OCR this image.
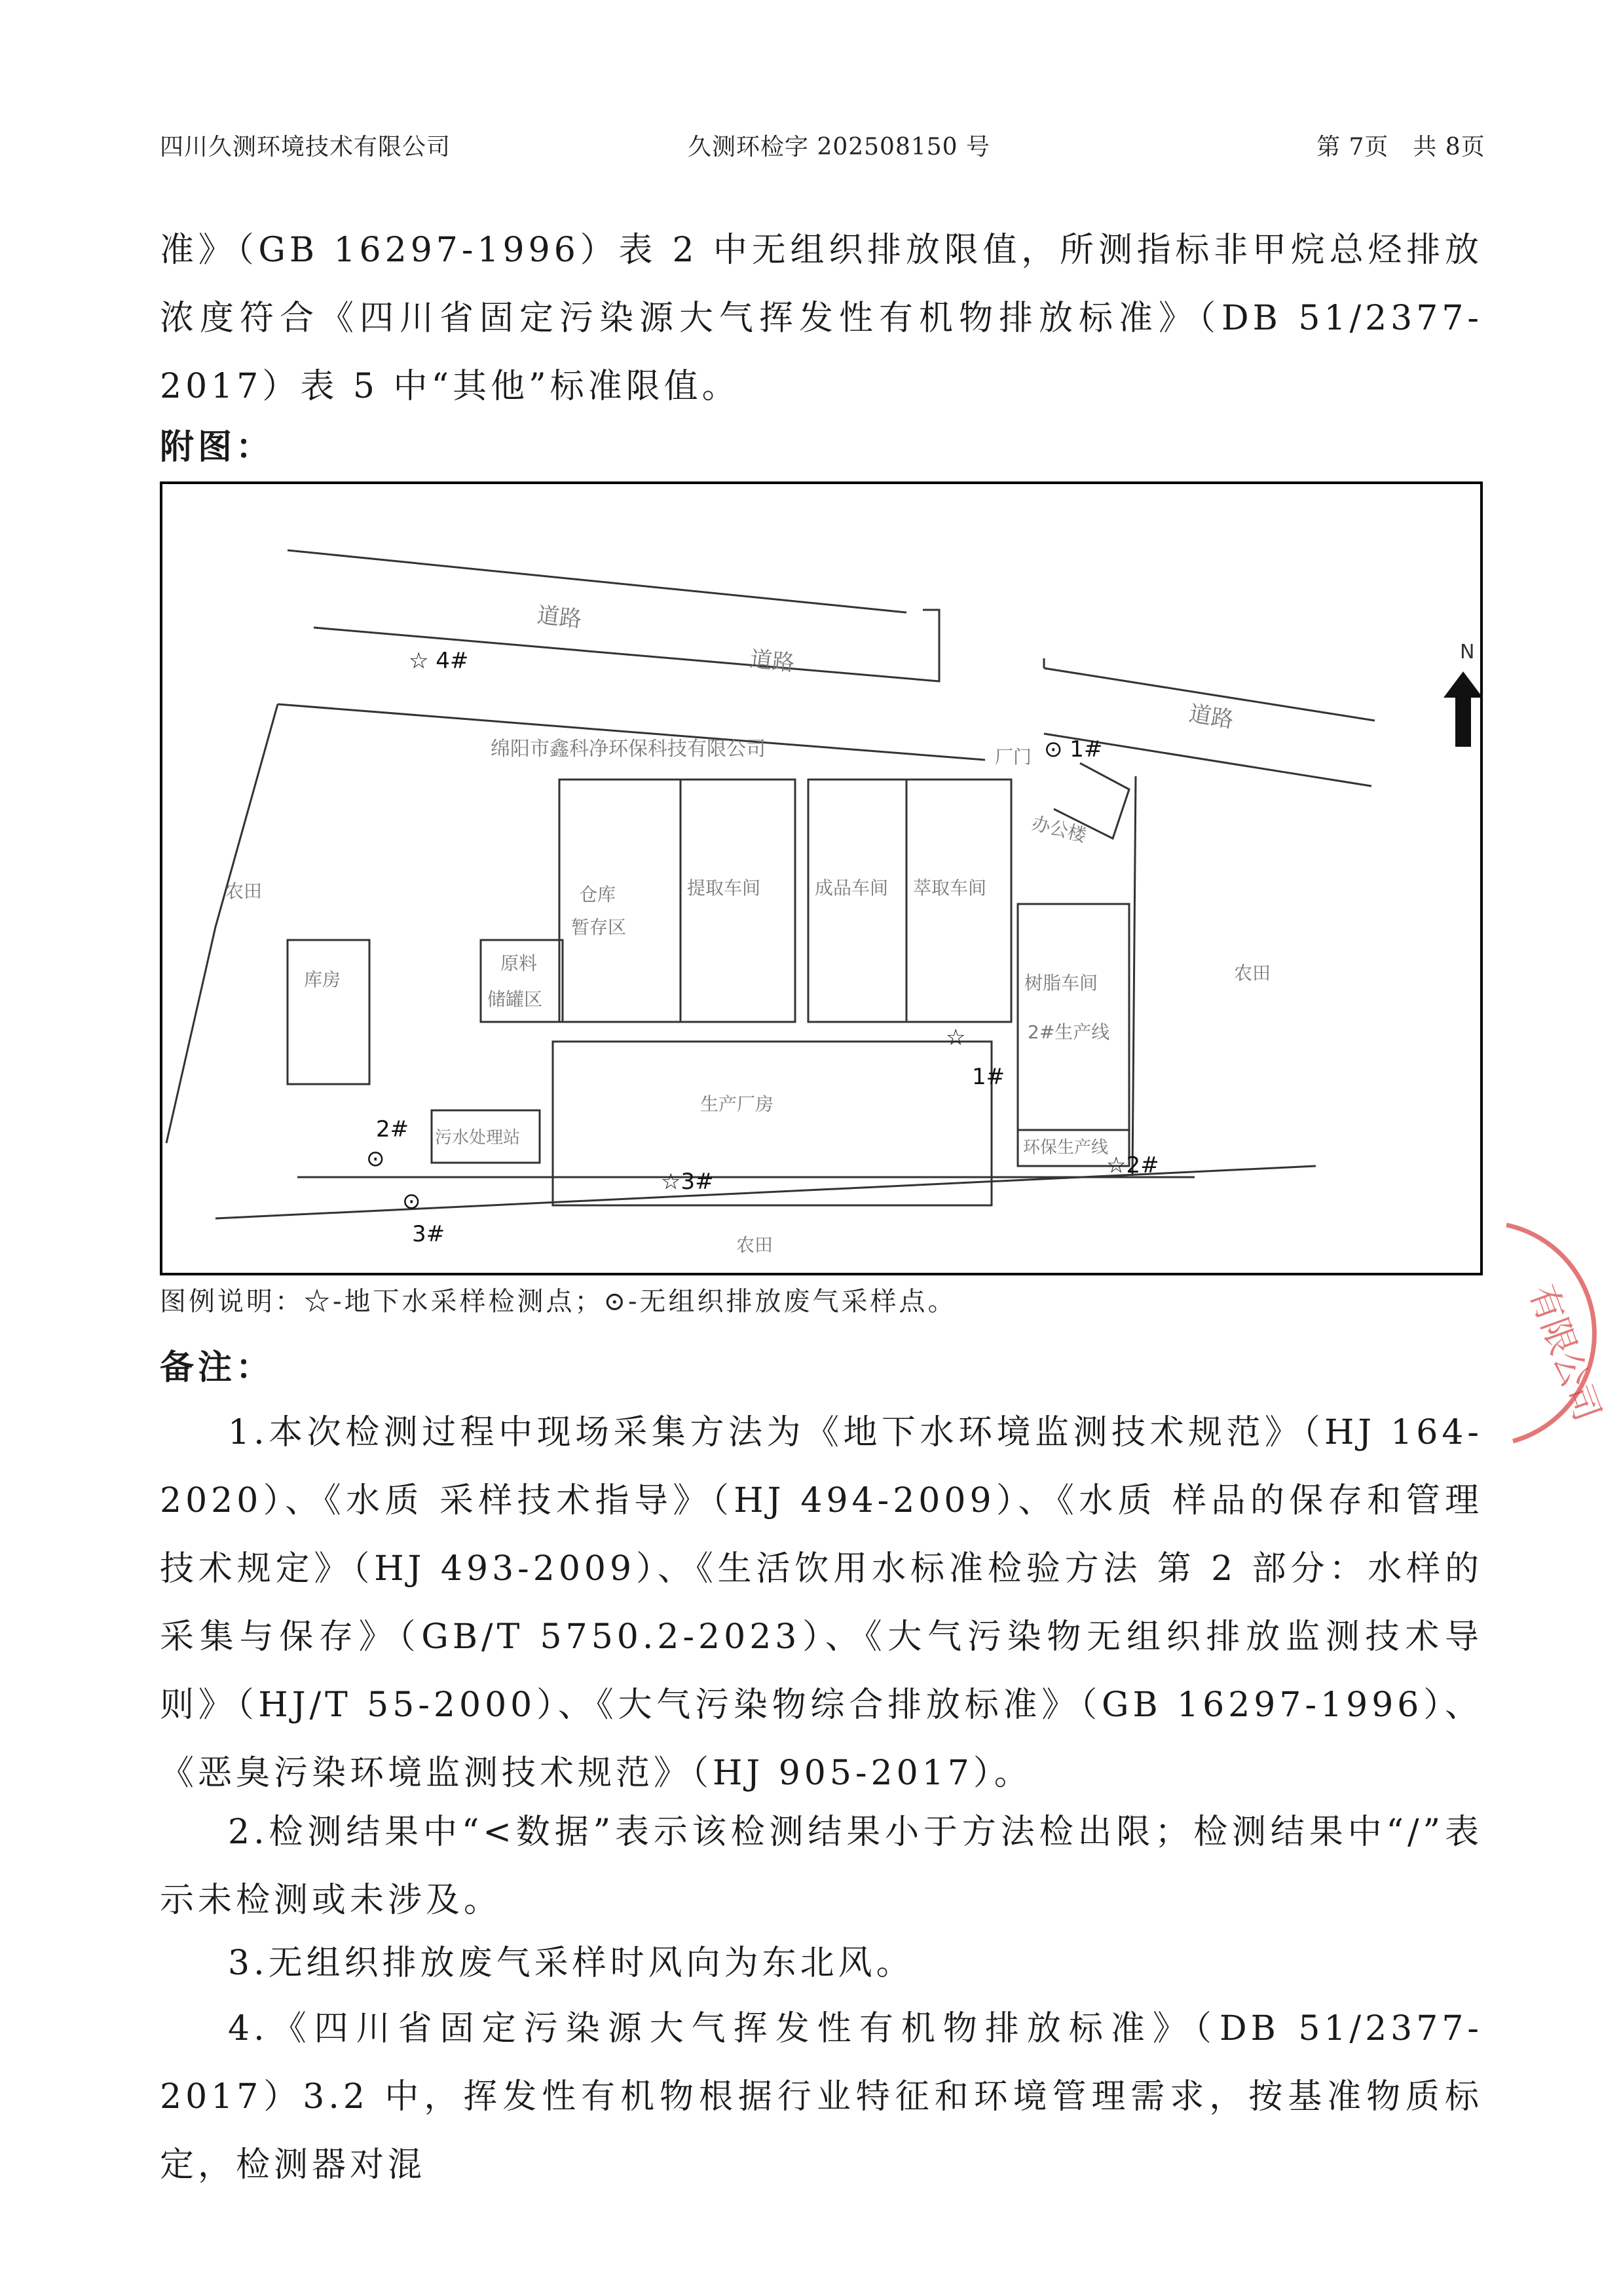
四川久测环境技术有限公司	久测环检字 202508150 号	第 7页　共 8页

准》（GB 16297-1996）表 2 中无组织排放限值，所测指标非甲烷总烃排放浓度符合《四川省固定污染源大气挥发性有机物排放标准》（DB 51/2377-2017）表 5 中“其他”标准限值。

附图：
N
道路
道路
道路
绵阳市鑫科净环保科技有限公司	厂门
办公楼
仓库
暂存区
提取车间	成品车间 萃取车间
原料
储罐区
库房
生产厂房
树脂车间
2#生产线
环保生产线
污水处理站
农田
农田
农田
☆ 4#
⊙ 1#
☆
1#
☆2#
☆3#
2#
⊙
⊙
3#
图例说明：☆-地下水采样检测点；⊙-无组织排放废气采样点。
备注：

1.本次检测过程中现场采集方法为《地下水环境监测技术规范》（HJ 164-2020）、《水质 采样技术指导》（HJ 494-2009）、《水质 样品的保存和管理技术规定》（HJ 493-2009）、《生活饮用水标准检验方法 第 2 部分：水样的采集与保存》（GB/T 5750.2-2023）、《大气污染物无组织排放监测技术导则》（HJ/T 55-2000）、《大气污染物综合排放标准》（GB 16297-1996）、《恶臭污染环境监测技术规范》（HJ 905-2017）。

2.检测结果中“<数据”表示该检测结果小于方法检出限；检测结果中“/”表示未检测或未涉及。

3.无组织排放废气采样时风向为东北风。

4.《四川省固定污染源大气挥发性有机物排放标准》（DB 51/2377-2017）3.2 中，挥发性有机物根据行业特征和环境管理需求，按基准物质标定，检测器对混

有限公司
